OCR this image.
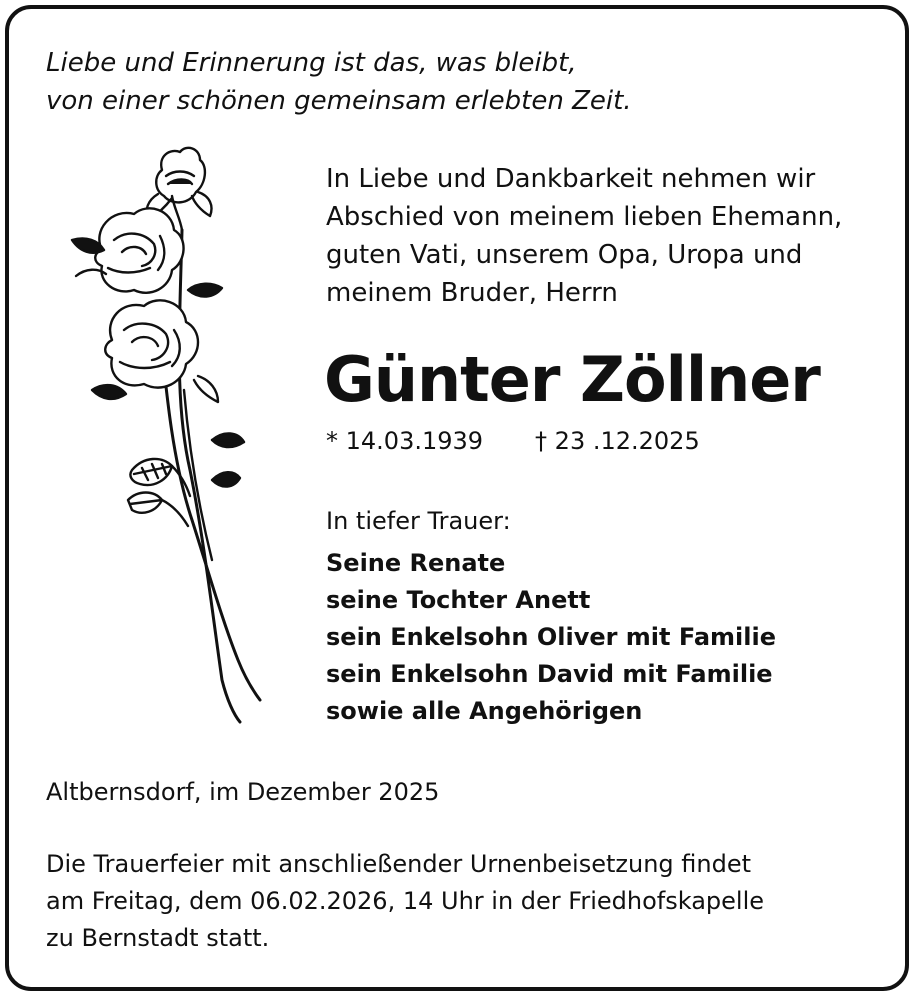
Liebe und Erinnerung ist das, was bleibt,
von einer schönen gemeinsam erlebten Zeit.

In Liebe und Dankbarkeit nehmen wir
Abschied von meinem lieben Ehemann,
guten Vati, unserem Opa, Uropa und
meinem Bruder, Herrn

Günter Zöllner
* 14.03.1939 † 23 .12.2025
In tiefer Trauer:
Seine Renate
seine Tochter Anett
sein Enkelsohn Oliver mit Familie
sein Enkelsohn David mit Familie
sowie alle Angehörigen
Altbernsdorf, im Dezember 2025

Die Trauerfeier mit anschließender Urnenbeisetzung findet
am Freitag, dem 06.02.2026, 14 Uhr in der Friedhofskapelle
zu Bernstadt statt.
